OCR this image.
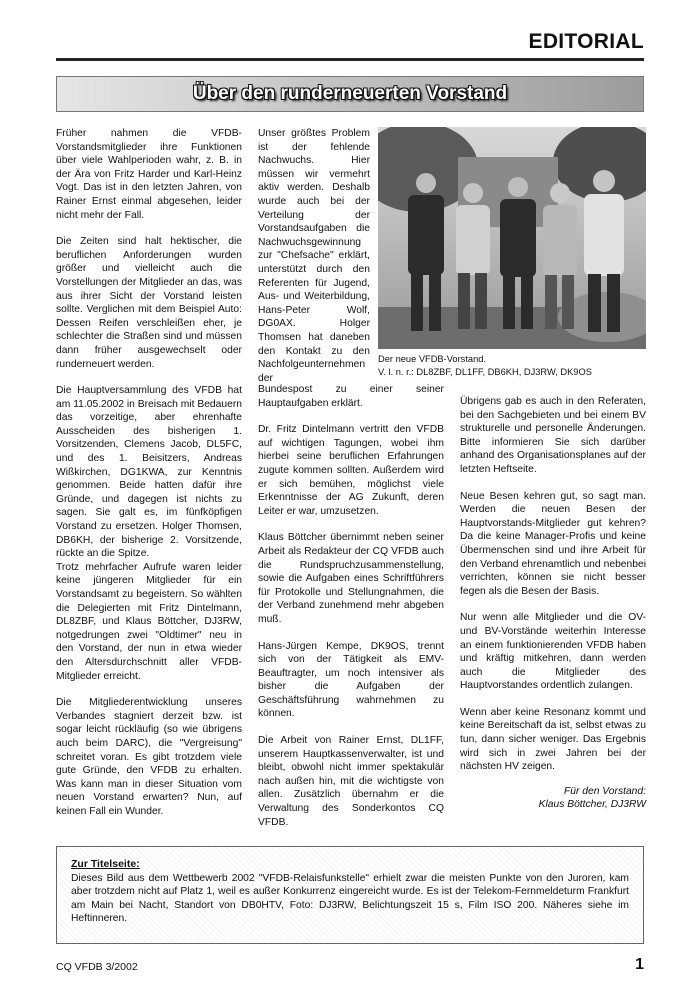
EDITORIAL
Über den runderneuerten Vorstand

Früher nahmen die VFDB-Vorstandsmitglieder ihre Funktionen über viele Wahlperioden wahr, z. B. in der Ära von Fritz Harder und Karl-Heinz Vogt. Das ist in den letzten Jahren, von Rainer Ernst einmal abgesehen, leider nicht mehr der Fall.

Die Zeiten sind halt hektischer, die beruflichen Anforderungen wurden größer und vielleicht auch die Vorstellungen der Mitglieder an das, was aus ihrer Sicht der Vorstand leisten sollte. Verglichen mit dem Beispiel Auto: Dessen Reifen verschleißen eher, je schlechter die Straßen sind und müssen dann früher ausgewechselt oder runderneuert werden.

Die Hauptversammlung des VFDB hat am 11.05.2002 in Breisach mit Bedauern das vorzeitige, aber ehrenhafte Ausscheiden des bisherigen 1. Vorsitzenden, Clemens Jacob, DL5FC, und des 1. Beisitzers, Andreas Wißkirchen, DG1KWA, zur Kenntnis genommen. Beide hatten dafür ihre Gründe, und dagegen ist nichts zu sagen. Sie galt es, im fünfköpfigen Vorstand zu ersetzen. Holger Thomsen, DB6KH, der bisherige 2. Vorsitzende, rückte an die Spitze.

Trotz mehrfacher Aufrufe waren leider keine jüngeren Mitglieder für ein Vorstandsamt zu begeistern. So wählten die Delegierten mit Fritz Dintelmann, DL8ZBF, und Klaus Böttcher, DJ3RW, notgedrungen zwei "Oldtimer" neu in den Vorstand, der nun in etwa wieder den Altersdurchschnitt aller VFDB-Mitglieder erreicht.

Die Mitgliederentwicklung unseres Verbandes stagniert derzeit bzw. ist sogar leicht rückläufig (so wie übrigens auch beim DARC), die "Vergreisung" schreitet voran. Es gibt trotzdem viele gute Gründe, den VFDB zu erhalten. Was kann man in dieser Situation vom neuen Vorstand erwarten? Nun, auf keinen Fall ein Wunder.

Unser größtes Problem ist der fehlende Nachwuchs. Hier müssen wir vermehrt aktiv werden. Deshalb wurde auch bei der Verteilung der Vorstandsaufgaben die Nachwuchsgewinnung zur "Chefsache" erklärt, unterstützt durch den Referenten für Jugend, Aus- und Weiterbildung, Hans-Peter Wolf, DG0AX. Holger Thomsen hat daneben den Kontakt zu den Nachfolgeunternehmen der

Der neue VFDB-Vorstand.
V. l. n. r.: DL8ZBF, DL1FF, DB6KH, DJ3RW, DK9OS

Bundespost zu einer seiner Hauptaufgaben erklärt.

Dr. Fritz Dintelmann vertritt den VFDB auf wichtigen Tagungen, wobei ihm hierbei seine beruflichen Erfahrungen zugute kommen sollten. Außerdem wird er sich bemühen, möglichst viele Erkenntnisse der AG Zukunft, deren Leiter er war, umzusetzen.

Klaus Böttcher übernimmt neben seiner Arbeit als Redakteur der CQ VFDB auch die Rundspruchzusammenstellung, sowie die Aufgaben eines Schriftführers für Protokolle und Stellungnahmen, die der Verband zunehmend mehr abgeben muß.

Hans-Jürgen Kempe, DK9OS, trennt sich von der Tätigkeit als EMV-Beauftragter, um noch intensiver als bisher die Aufgaben der Geschäftsführung wahrnehmen zu können.

Die Arbeit von Rainer Ernst, DL1FF, unserem Hauptkassenverwalter, ist und bleibt, obwohl nicht immer spektakulär nach außen hin, mit die wichtigste von allen. Zusätzlich übernahm er die Verwaltung des Sonderkontos CQ VFDB.

Übrigens gab es auch in den Referaten, bei den Sachgebieten und bei einem BV strukturelle und personelle Änderungen. Bitte informieren Sie sich darüber anhand des Organisationsplanes auf der letzten Heftseite.

Neue Besen kehren gut, so sagt man. Werden die neuen Besen der Hauptvorstands-Mitglieder gut kehren? Da die keine Manager-Profis und keine Übermenschen sind und ihre Arbeit für den Verband ehrenamtlich und nebenbei verrichten, können sie nicht besser fegen als die Besen der Basis.

Nur wenn alle Mitglieder und die OV- und BV-Vorstände weiterhin Interesse an einem funktionierenden VFDB haben und kräftig mitkehren, dann werden auch die Mitglieder des Hauptvorstandes ordentlich zulangen.

Wenn aber keine Resonanz kommt und keine Bereitschaft da ist, selbst etwas zu tun, dann sicher weniger. Das Ergebnis wird sich in zwei Jahren bei der nächsten HV zeigen.

Für den Vorstand:
Klaus Böttcher, DJ3RW
Zur Titelseite:
Dieses Bild aus dem Wettbewerb 2002 "VFDB-Relaisfunkstelle" erhielt zwar die meisten Punkte von den Juroren, kam aber trotzdem nicht auf Platz 1, weil es außer Konkurrenz eingereicht wurde. Es ist der Telekom-Fernmeldeturm Frankfurt am Main bei Nacht, Standort von DB0HTV, Foto: DJ3RW, Belichtungszeit 15 s, Film ISO 200. Näheres siehe im Heftinneren.
CQ VFDB 3/2002	1
